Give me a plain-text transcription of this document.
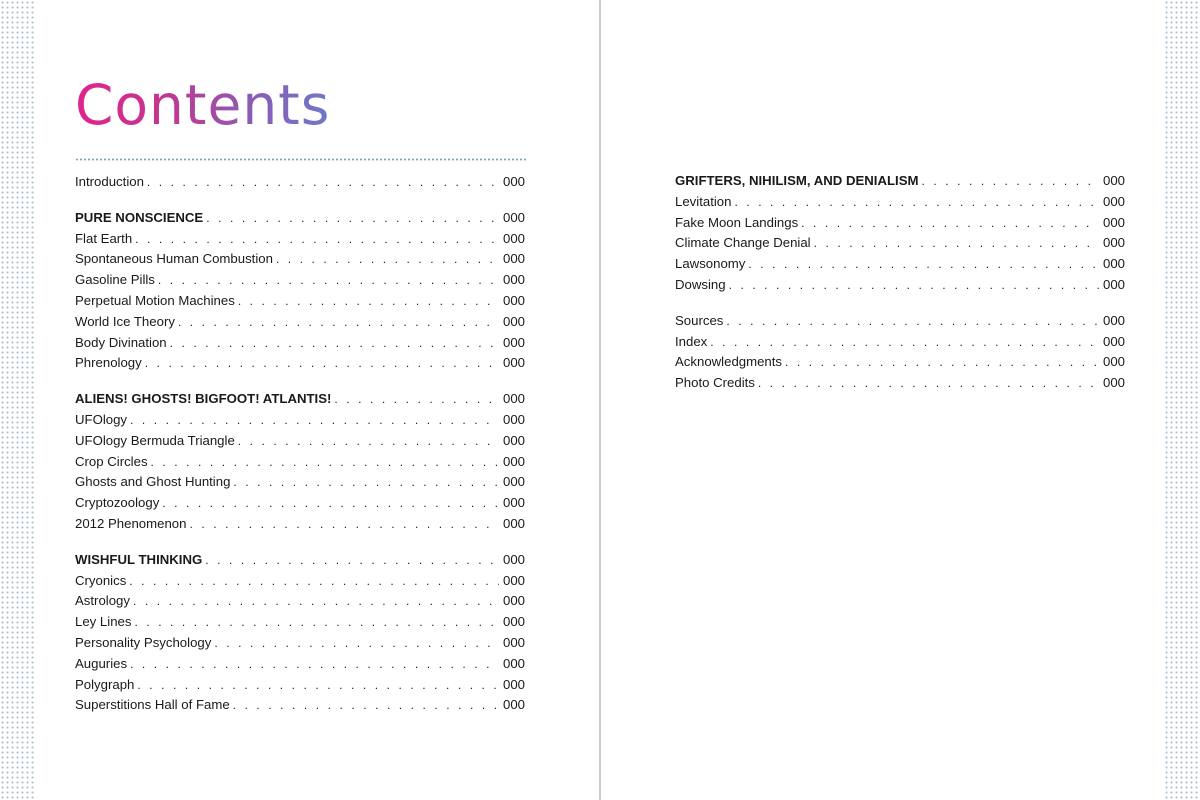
Contents
Introduction . . .	000
PURE NONSCIENCE . . .	000
Flat Earth . . .	000
Spontaneous Human Combustion . . .	000
Gasoline Pills . . .	000
Perpetual Motion Machines . . .	000
World Ice Theory . . .	000
Body Divination . . .	000
Phrenology . . .	000
ALIENS! GHOSTS! BIGFOOT! ATLANTIS! . . .	000
UFOlogy . . .	000
UFOlogy Bermuda Triangle . . .	000
Crop Circles . . .	000
Ghosts and Ghost Hunting . . .	000
Cryptozoology . . .	000
2012 Phenomenon . . .	000
WISHFUL THINKING . . .	000
Cryonics . . .	000
Astrology . . .	000
Ley Lines . . .	000
Personality Psychology . . .	000
Auguries . . .	000
Polygraph . . .	000
Superstitions Hall of Fame . . .	000
GRIFTERS, NIHILISM, AND DENIALISM . . .	000
Levitation . . .	000
Fake Moon Landings . . .	000
Climate Change Denial . . .	000
Lawsonomy . . .	000
Dowsing . . .	000
Sources . . .	000
Index . . .	000
Acknowledgments . . .	000
Photo Credits . . .	000
